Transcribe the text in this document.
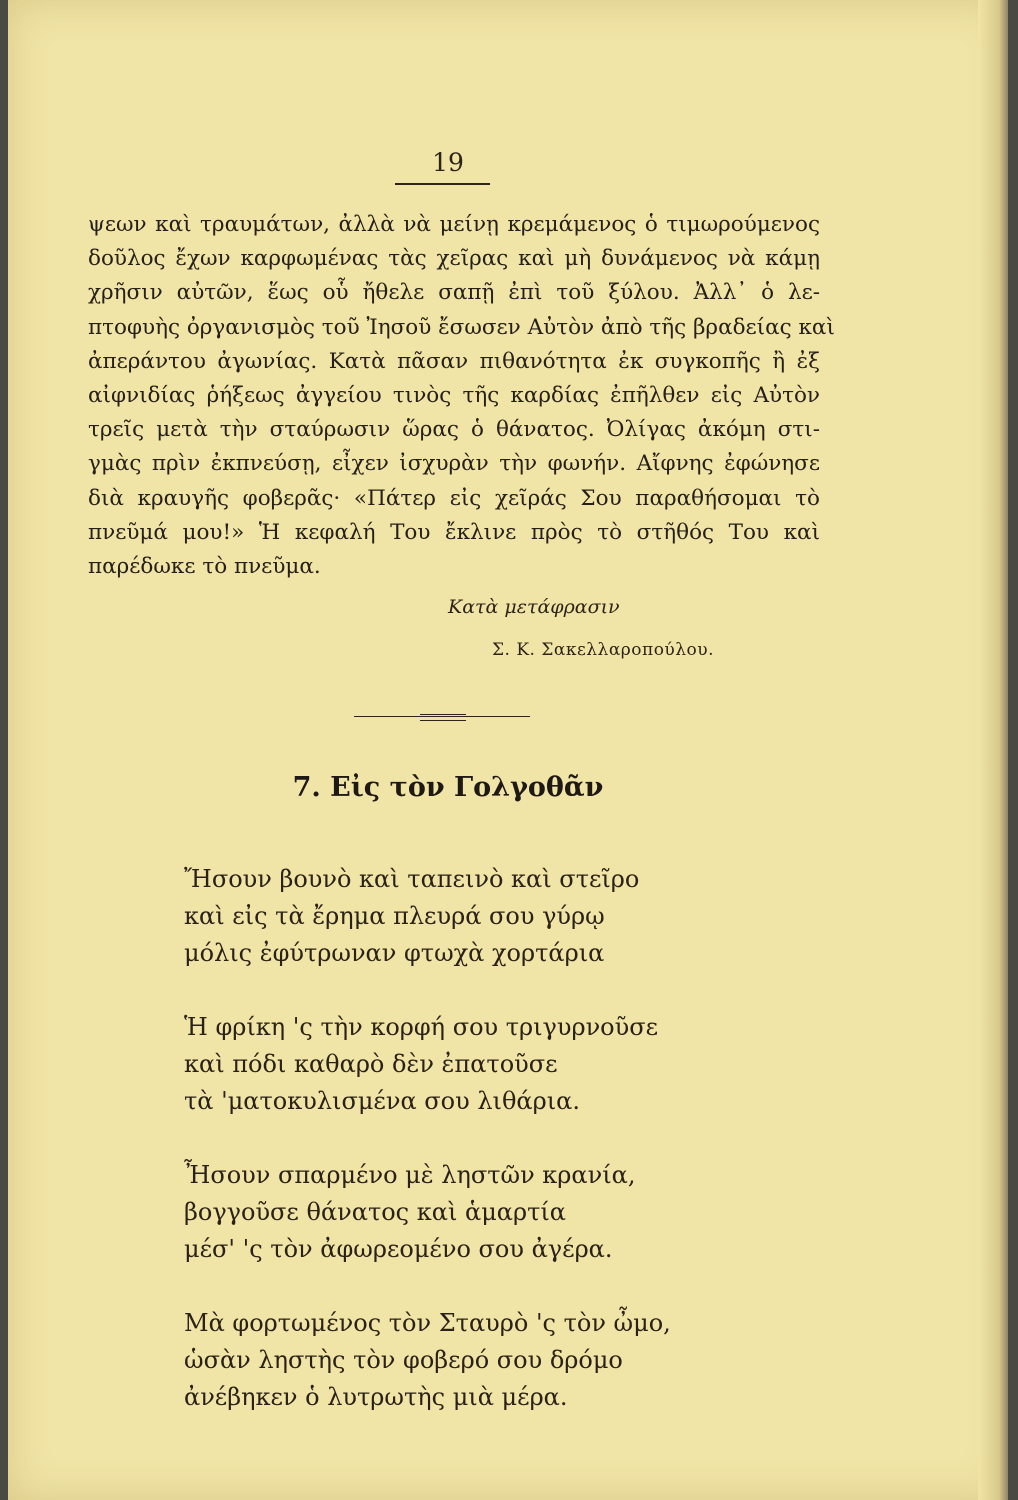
19
ψεων καὶ τραυμάτων, ἀλλὰ νὰ μείνῃ κρεμάμενος ὁ τιμωρούμενος
δοῦλος ἔχων καρφωμένας τὰς χεῖρας καὶ μὴ δυνάμενος νὰ κάμῃ
χρῆσιν αὐτῶν, ἕως οὗ ἤθελε σαπῇ ἐπὶ τοῦ ξύλου. Ἀλλ᾽ ὁ λε-
πτοφυὴς ὀργανισμὸς τοῦ Ἰησοῦ ἔσωσεν Αὐτὸν ἀπὸ τῆς βραδείας καὶ
ἀπεράντου ἀγωνίας. Κατὰ πᾶσαν πιθανότητα ἐκ συγκοπῆς ἢ ἐξ
αἰφνιδίας ῥήξεως ἀγγείου τινὸς τῆς καρδίας ἐπῆλθεν εἰς Αὐτὸν
τρεῖς μετὰ τὴν σταύρωσιν ὥρας ὁ θάνατος. Ὀλίγας ἀκόμη στι-
γμὰς πρὶν ἐκπνεύσῃ, εἶχεν ἰσχυρὰν τὴν φωνήν. Αἴφνης ἐφώνησε
διὰ κραυγῆς φοβερᾶς· «Πάτερ εἰς χεῖράς Σου παραθήσομαι τὸ
πνεῦμά μου!» Ἡ κεφαλή Του ἔκλινε πρὸς τὸ στῆθός Του καὶ
παρέδωκε τὸ πνεῦμα.
Κατὰ μετάφρασιν
Σ. Κ. Σακελλαροπούλου.
7. Εἰς τὸν Γολγοθᾶν
Ἤσουν βουνὸ καὶ ταπεινὸ καὶ στεῖρο
καὶ εἰς τὰ ἔρημα πλευρά σου γύρῳ
μόλις ἐφύτρωναν φτωχὰ χορτάρια
Ἡ φρίκη 'ς τὴν κορφή σου τριγυρνοῦσε
καὶ πόδι καθαρὸ δὲν ἐπατοῦσε
τὰ 'ματοκυλισμένα σου λιθάρια.
Ἦσουν σπαρμένο μὲ ληστῶν κρανία,
βογγοῦσε θάνατος καὶ ἁμαρτία
μέσ' 'ς τὸν ἀφωρεομένο σου ἀγέρα.
Μὰ φορτωμένος τὸν Σταυρὸ 'ς τὸν ὦμο,
ὡσὰν ληστὴς τὸν φοβερό σου δρόμο
ἀνέβηκεν ὁ λυτρωτὴς μιὰ μέρα.
